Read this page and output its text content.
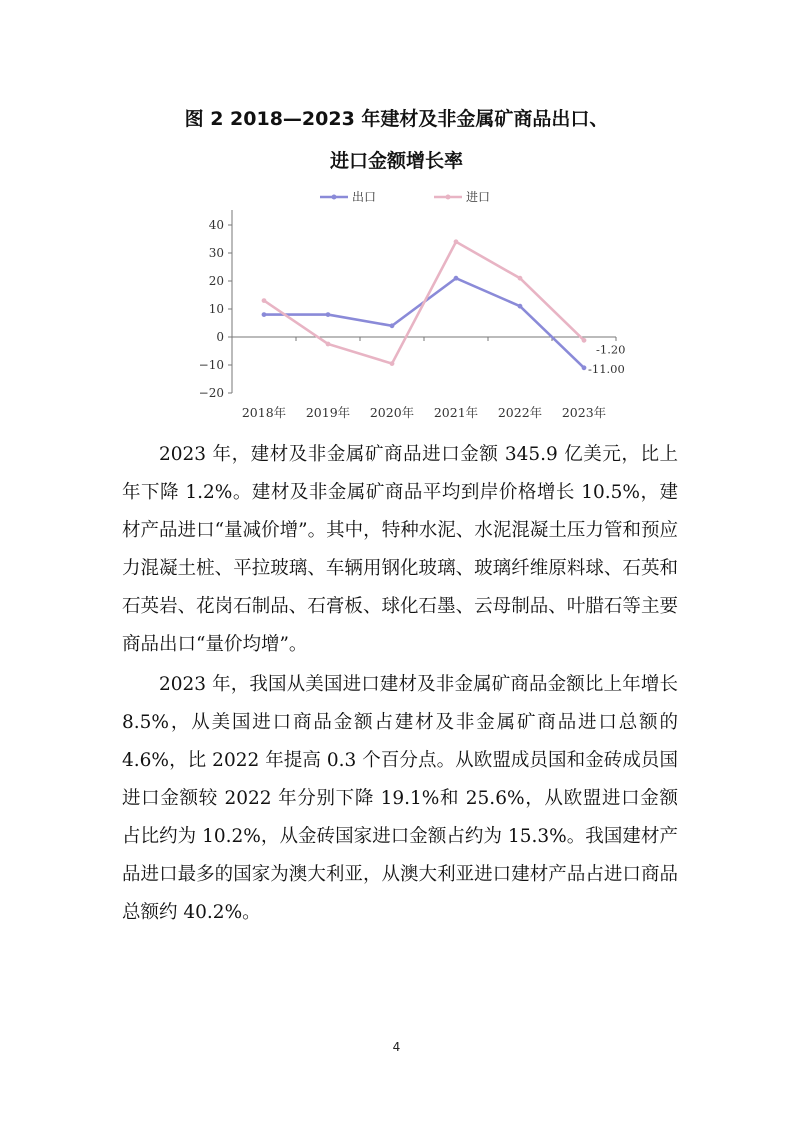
图 2 2018—2023 年建材及非金属矿商品出口、
进口金额增长率
出口	进口
40
30
20
10
0
−10
−20
2018年 2019年 2020年 2021年 2022年 2023年
-1.20
-11.00

2023 年，建材及非金属矿商品进口金额 345.9 亿美元，比上年下降 1.2%。建材及非金属矿商品平均到岸价格增长 10.5%，建材产品进口“量减价增”。其中，特种水泥、水泥混凝土压力管和预应力混凝土桩、平拉玻璃、车辆用钢化玻璃、玻璃纤维原料球、石英和石英岩、花岗石制品、石膏板、球化石墨、云母制品、叶腊石等主要商品出口“量价均增”。

2023 年，我国从美国进口建材及非金属矿商品金额比上年增长 8.5%，从美国进口商品金额占建材及非金属矿商品进口总额的 4.6%，比 2022 年提高 0.3 个百分点。从欧盟成员国和金砖成员国进口金额较 2022 年分别下降 19.1%和 25.6%，从欧盟进口金额占比约为 10.2%，从金砖国家进口金额占约为 15.3%。我国建材产品进口最多的国家为澳大利亚，从澳大利亚进口建材产品占进口商品总额约 40.2%。

4
